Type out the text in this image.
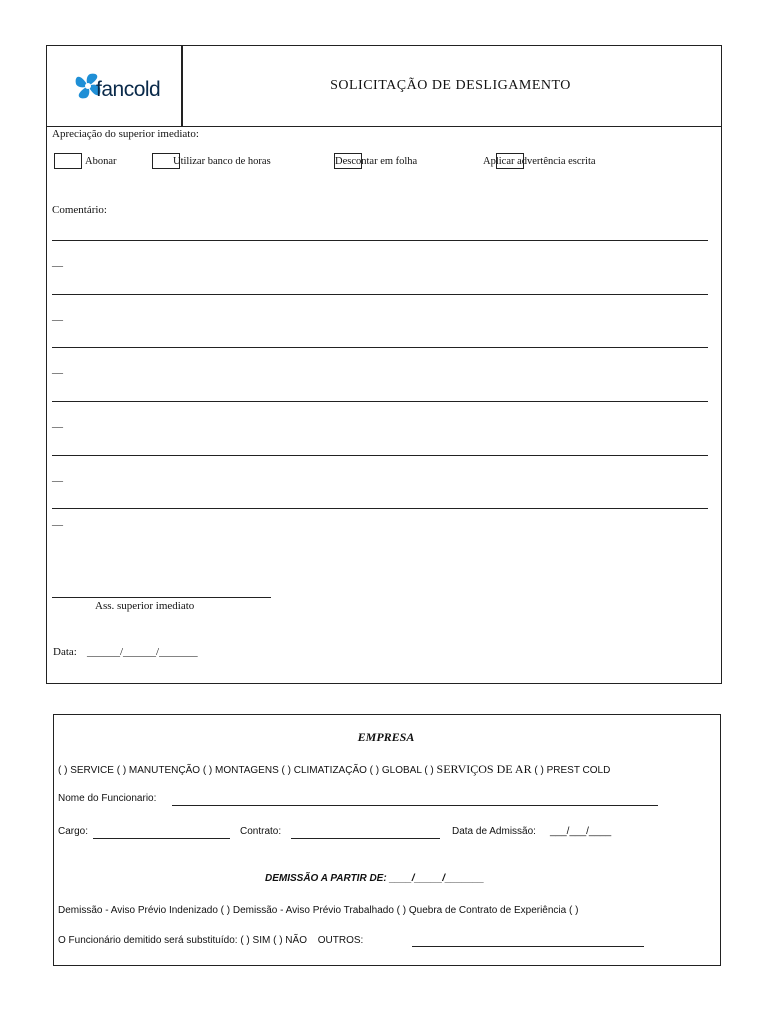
fancold	SOLICITAÇÃO DE DESLIGAMENTO
Apreciação do superior imediato:
Abonar	Utilizar banco de horas	Descontar em folha	Aplicar advertência escrita
Comentário:
__
__
__
__
__
__
Ass. superior imediato
Data: ______/______/_______
EMPRESA
( ) SERVICE ( ) MANUTENÇÃO ( ) MONTAGENS ( ) CLIMATIZAÇÃO ( ) GLOBAL ( ) SERVIÇOS DE AR ( ) PREST COLD
Nome do Funcionario:
Cargo:	Contrato:	Data de Admissão: ___/___/____
DEMISSÃO A PARTIR DE: ____/_____/_______
Demissão - Aviso Prévio Indenizado ( ) Demissão - Aviso Prévio Trabalhado ( ) Quebra de Contrato de Experiência ( )
O Funcionário demitido será substituído: ( ) SIM ( ) NÃO OUTROS:
